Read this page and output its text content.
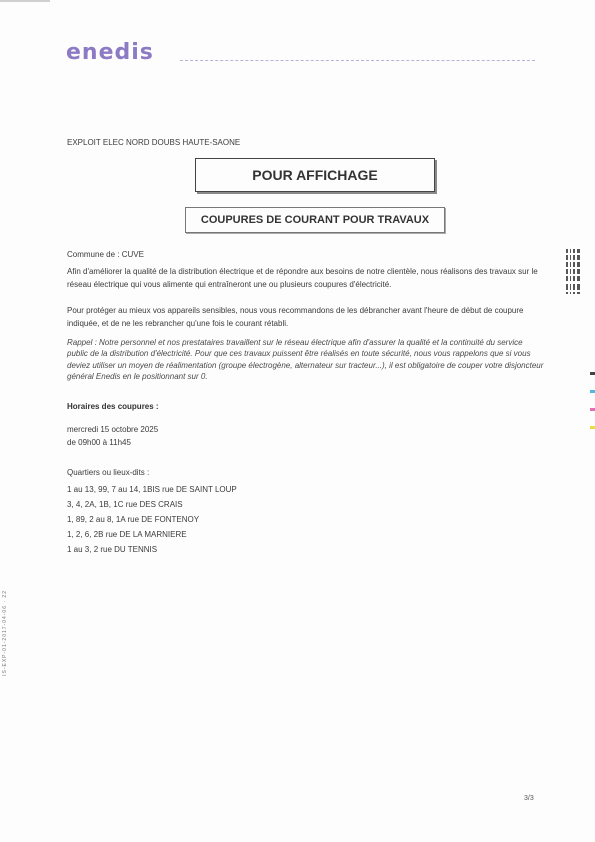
enedis
EXPLOIT ELEC NORD DOUBS HAUTE-SAONE
POUR AFFICHAGE
COUPURES DE COURANT POUR TRAVAUX
Commune de : CUVE
Afin d'améliorer la qualité de la distribution électrique et de répondre aux besoins de notre clientèle, nous réalisons des travaux sur le réseau électrique qui vous alimente qui entraîneront une ou plusieurs coupures d'électricité.
Pour protéger au mieux vos appareils sensibles, nous vous recommandons de les débrancher avant l'heure de début de coupure indiquée, et de ne les rebrancher qu'une fois le courant rétabli.
Rappel : Notre personnel et nos prestataires travaillent sur le réseau électrique afin d'assurer la qualité et la continuité du service public de la distribution d'électricité. Pour que ces travaux puissent être réalisés en toute sécurité, nous vous rappelons que si vous deviez utiliser un moyen de réalimentation (groupe électrogène, alternateur sur tracteur...), il est obligatoire de couper votre disjoncteur général Enedis en le positionnant sur 0.
Horaires des coupures :
mercredi 15 octobre 2025
de 09h00 à 11h45
Quartiers ou lieux-dits :
1 au 13, 99, 7 au 14, 1BIS rue DE SAINT LOUP
3, 4, 2A, 1B, 1C rue DES CRAIS
1, 89, 2 au 8, 1A rue DE FONTENOY
1, 2, 6, 2B rue DE LA MARNIERE
1 au 3, 2 rue DU TENNIS
3/3
IS-EXP-01-2017-04-06 · 22
